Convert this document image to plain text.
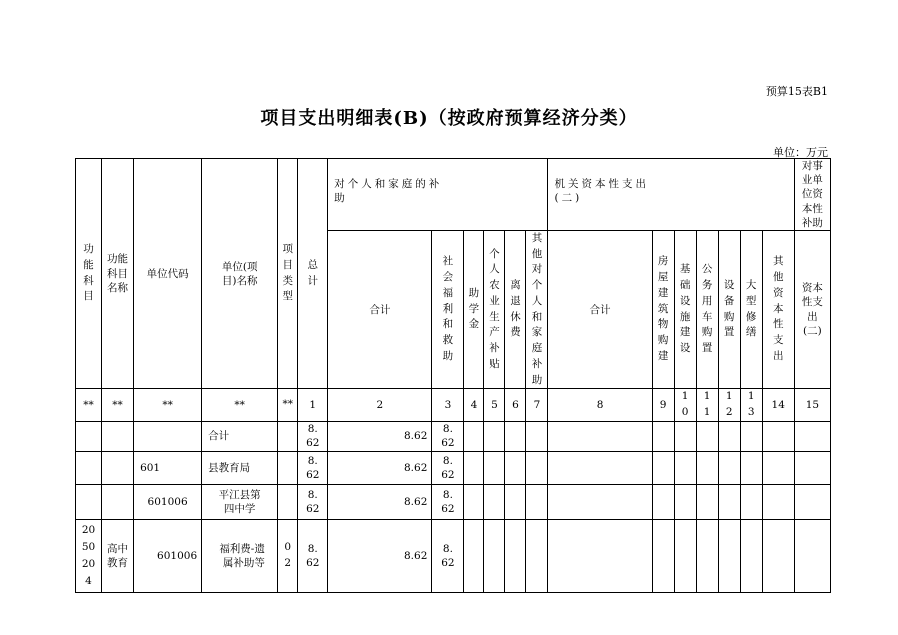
预算15表B1
项目支出明细表(B)（按政府预算经济分类）
单位：万元
功能科目	功能科目名称	单位代码	单位(项目)名称	项目类型	总计	对个人和家庭的补助						机关资本性支出(二)							对事业单位资本性补助
						合计	社会福利和救助	助学金	个人农业生产补贴	离退休费	其他对个人和家庭补助	合计	房屋建筑物购建	基础设施建设	公务用车购置	设备购置	大型修缮	其他资本性支出	资本性支出(二)
**	**	**	**	**	1	2	3	4	5	6	7	8	9	10	11	12	13	14	15
			合计		8.62	8.62	8.62												
		601	县教育局		8.62	8.62	8.62												
		601006	平江县第四中学		8.62	8.62	8.62												
2050204	高中教育	601006	福利费-遗属补助等	02	8.62	8.62	8.62												
